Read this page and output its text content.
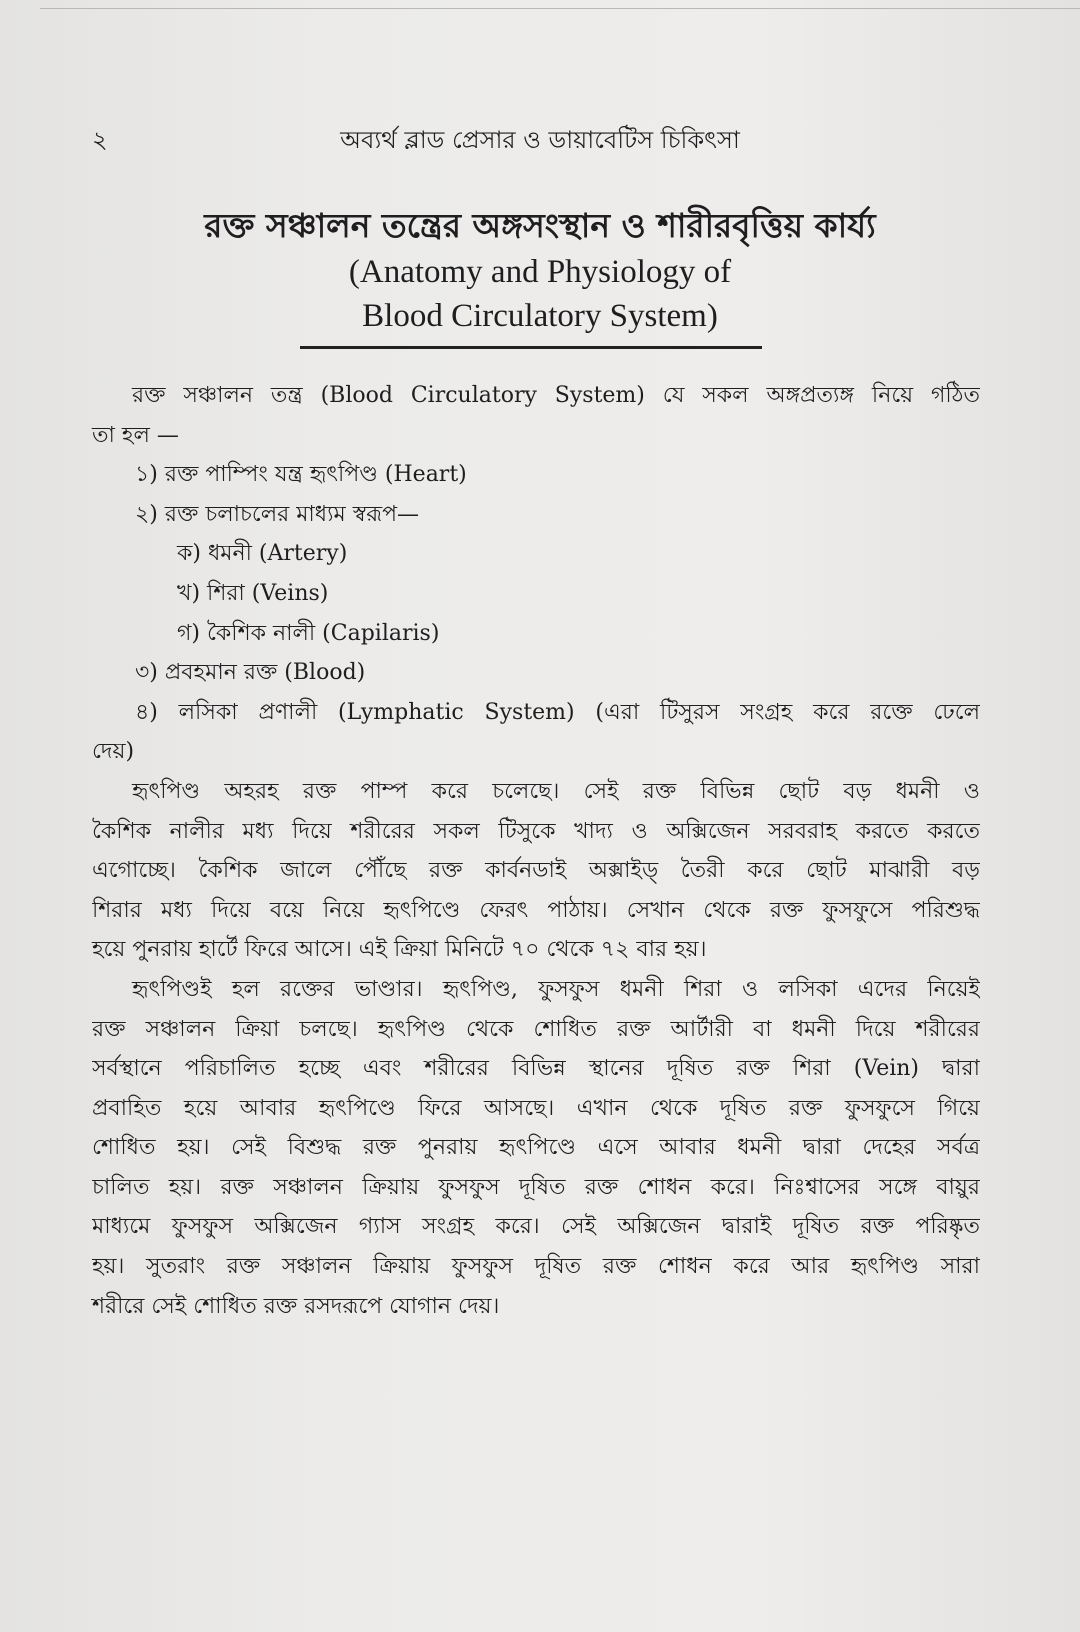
২	অব্যর্থ ব্লাড প্রেসার ও ডায়াবেটিস চিকিৎসা
রক্ত সঞ্চালন তন্ত্রের অঙ্গসংস্থান ও শারীরবৃত্তিয় কার্য্য
(Anatomy and Physiology of
Blood Circulatory System)
রক্ত সঞ্চালন তন্ত্র (Blood Circulatory System) যে সকল অঙ্গপ্রত্যঙ্গ নিয়ে গঠিত
তা হল —
১) রক্ত পাম্পিং যন্ত্র হৃৎপিণ্ড (Heart)
২) রক্ত চলাচলের মাধ্যম স্বরূপ—
ক) ধমনী (Artery)
খ) শিরা (Veins)
গ) কৈশিক নালী (Capilaris)
৩) প্রবহমান রক্ত (Blood)
৪) লসিকা প্রণালী (Lymphatic System) (এরা টিসুরস সংগ্রহ করে রক্তে ঢেলে
দেয়)
হৃৎপিণ্ড অহরহ রক্ত পাম্প করে চলেছে। সেই রক্ত বিভিন্ন ছোট বড় ধমনী ও
কৈশিক নালীর মধ্য দিয়ে শরীরের সকল টিসুকে খাদ্য ও অক্সিজেন সরবরাহ করতে করতে
এগোচ্ছে। কৈশিক জালে পৌঁছে রক্ত কার্বনডাই অক্সাইড্ তৈরী করে ছোট মাঝারী বড়
শিরার মধ্য দিয়ে বয়ে নিয়ে হৃৎপিণ্ডে ফেরৎ পাঠায়। সেখান থেকে রক্ত ফুসফুসে পরিশুদ্ধ
হয়ে পুনরায় হার্টে ফিরে আসে। এই ক্রিয়া মিনিটে ৭০ থেকে ৭২ বার হয়।
হৃৎপিণ্ডই হল রক্তের ভাণ্ডার। হৃৎপিণ্ড, ফুসফুস ধমনী শিরা ও লসিকা এদের নিয়েই
রক্ত সঞ্চালন ক্রিয়া চলছে। হৃৎপিণ্ড থেকে শোধিত রক্ত আর্টারী বা ধমনী দিয়ে শরীরের
সর্বস্থানে পরিচালিত হচ্ছে এবং শরীরের বিভিন্ন স্থানের দূষিত রক্ত শিরা (Vein) দ্বারা
প্রবাহিত হয়ে আবার হৃৎপিণ্ডে ফিরে আসছে। এখান থেকে দূষিত রক্ত ফুসফুসে গিয়ে
শোধিত হয়। সেই বিশুদ্ধ রক্ত পুনরায় হৃৎপিণ্ডে এসে আবার ধমনী দ্বারা দেহের সর্বত্র
চালিত হয়। রক্ত সঞ্চালন ক্রিয়ায় ফুসফুস দূষিত রক্ত শোধন করে। নিঃশ্বাসের সঙ্গে বায়ুর
মাধ্যমে ফুসফুস অক্সিজেন গ্যাস সংগ্রহ করে। সেই অক্সিজেন দ্বারাই দূষিত রক্ত পরিষ্কৃত
হয়। সুতরাং রক্ত সঞ্চালন ক্রিয়ায় ফুসফুস দূষিত রক্ত শোধন করে আর হৃৎপিণ্ড সারা
শরীরে সেই শোধিত রক্ত রসদরূপে যোগান দেয়।
